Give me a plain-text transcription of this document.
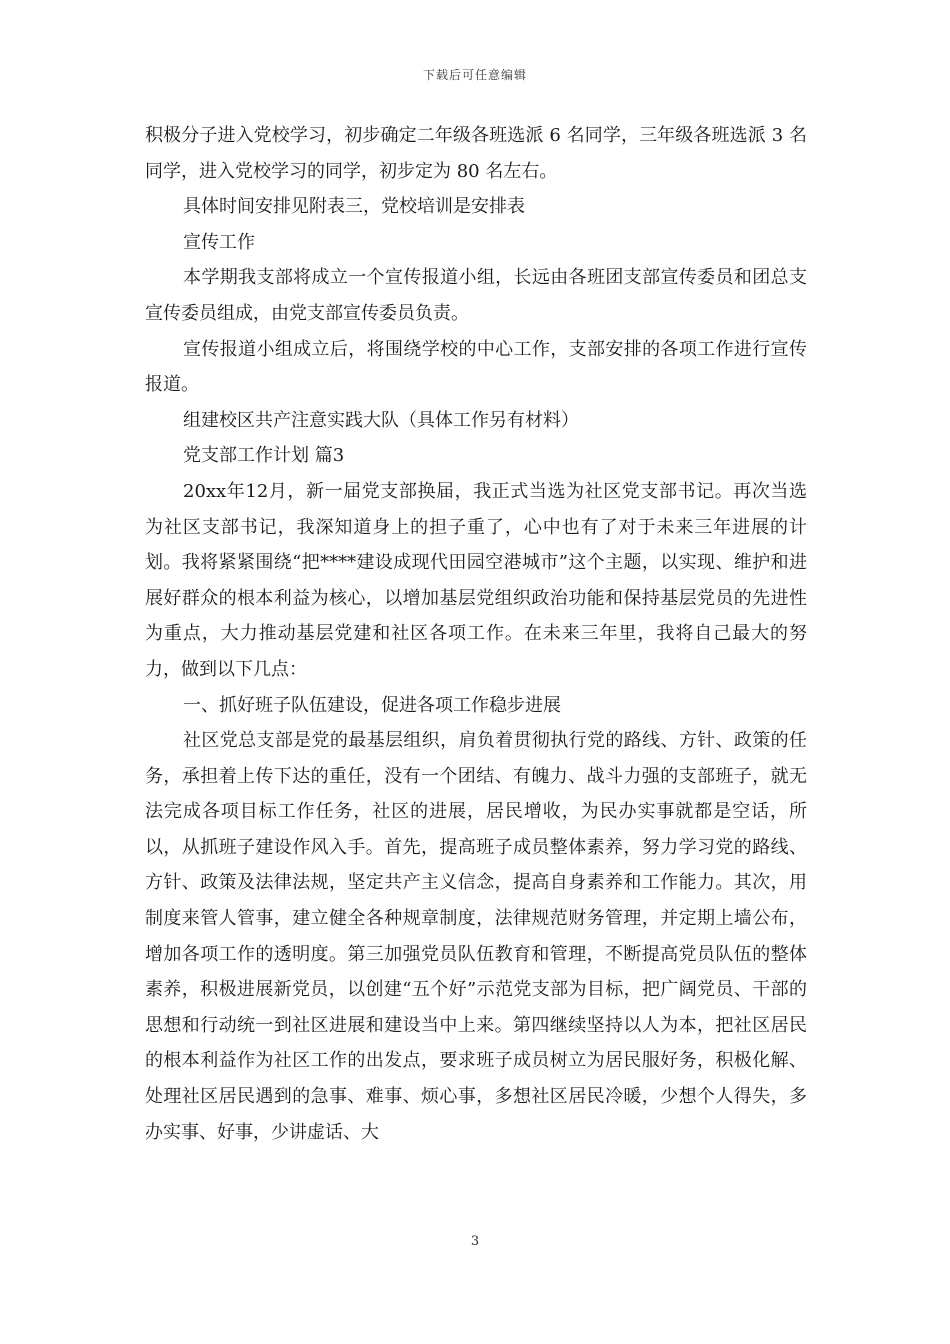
下载后可任意编辑

积极分子进入党校学习，初步确定二年级各班选派 6 名同学，三年级各班选派 3 名同学，进入党校学习的同学，初步定为 80 名左右。

具体时间安排见附表三，党校培训是安排表

宣传工作

本学期我支部将成立一个宣传报道小组，长远由各班团支部宣传委员和团总支宣传委员组成，由党支部宣传委员负责。

宣传报道小组成立后，将围绕学校的中心工作，支部安排的各项工作进行宣传报道。

组建校区共产注意实践大队（具体工作另有材料）

党支部工作计划 篇3

20xx年12月，新一届党支部换届，我正式当选为社区党支部书记。再次当选为社区支部书记，我深知道身上的担子重了，心中也有了对于未来三年进展的计划。我将紧紧围绕“把****建设成现代田园空港城市”这个主题，以实现、维护和进展好群众的根本利益为核心，以增加基层党组织政治功能和保持基层党员的先进性为重点，大力推动基层党建和社区各项工作。在未来三年里，我将自己最大的努力，做到以下几点：

一、抓好班子队伍建设，促进各项工作稳步进展

社区党总支部是党的最基层组织，肩负着贯彻执行党的路线、方针、政策的任务，承担着上传下达的重任，没有一个团结、有魄力、战斗力强的支部班子，就无法完成各项目标工作任务，社区的进展，居民增收，为民办实事就都是空话，所以，从抓班子建设作风入手。首先，提高班子成员整体素养，努力学习党的路线、方针、政策及法律法规，坚定共产主义信念，提高自身素养和工作能力。其次，用制度来管人管事，建立健全各种规章制度，法律规范财务管理，并定期上墙公布，增加各项工作的透明度。第三加强党员队伍教育和管理，不断提高党员队伍的整体素养，积极进展新党员，以创建“五个好”示范党支部为目标，把广阔党员、干部的思想和行动统一到社区进展和建设当中上来。第四继续坚持以人为本，把社区居民的根本利益作为社区工作的出发点，要求班子成员树立为居民服好务，积极化解、处理社区居民遇到的急事、难事、烦心事，多想社区居民冷暖，少想个人得失，多办实事、好事，少讲虚话、大

3
